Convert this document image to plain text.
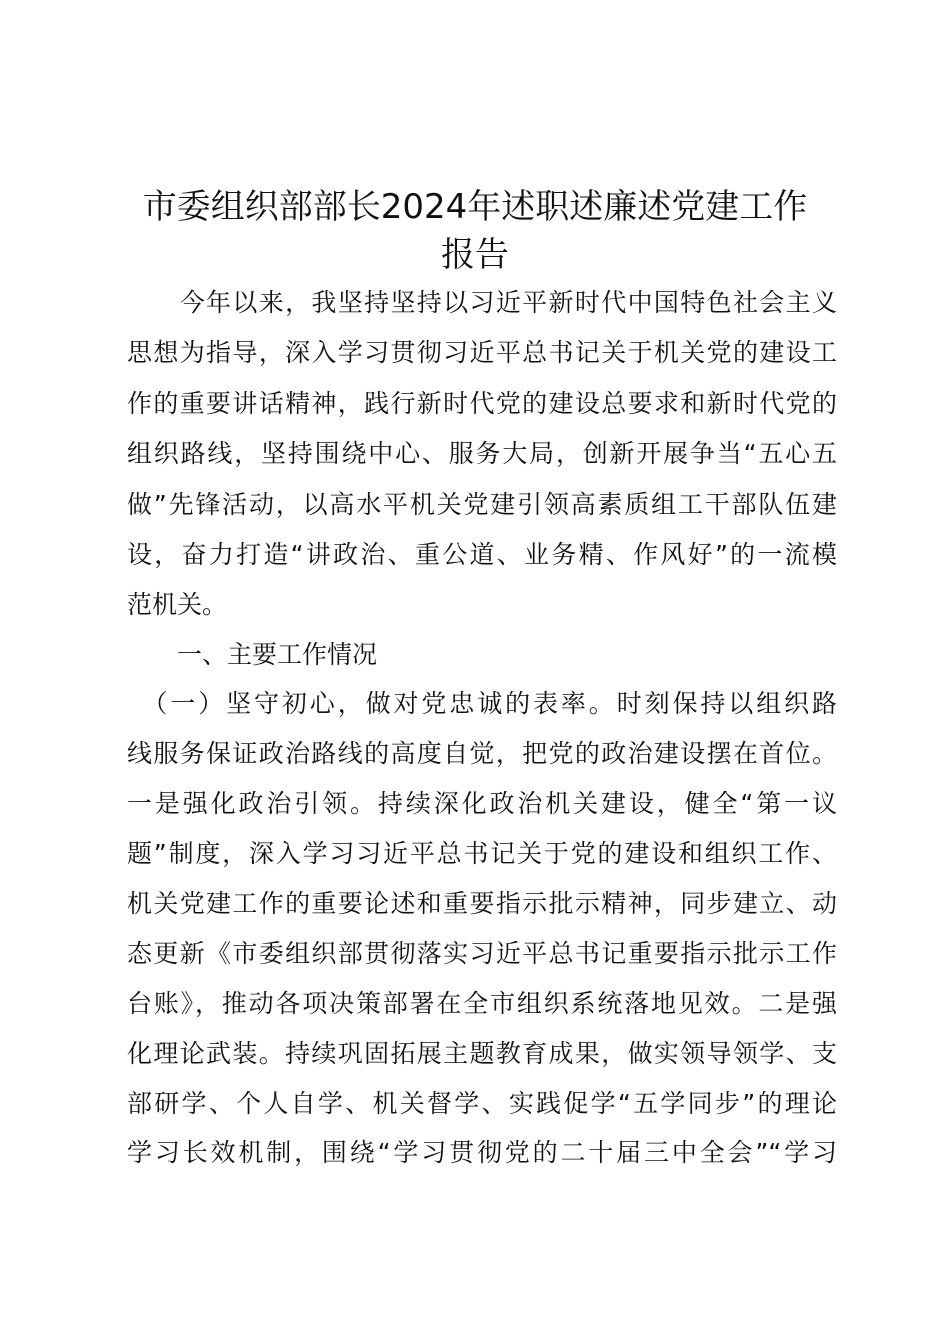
市委组织部部长2024年述职述廉述党建工作
报告
　　今年以来，我坚持坚持以习近平新时代中国特色社会主义
思想为指导，深入学习贯彻习近平总书记关于机关党的建设工
作的重要讲话精神，践行新时代党的建设总要求和新时代党的
组织路线，坚持围绕中心、服务大局，创新开展争当“五心五
做”先锋活动，以高水平机关党建引领高素质组工干部队伍建
设，奋力打造“讲政治、重公道、业务精、作风好”的一流模
范机关。
　　一、主要工作情况
　（一）坚守初心，做对党忠诚的表率。时刻保持以组织路
线服务保证政治路线的高度自觉，把党的政治建设摆在首位。
一是强化政治引领。持续深化政治机关建设，健全“第一议
题”制度，深入学习习近平总书记关于党的建设和组织工作、
机关党建工作的重要论述和重要指示批示精神，同步建立、动
态更新《市委组织部贯彻落实习近平总书记重要指示批示工作
台账》，推动各项决策部署在全市组织系统落地见效。二是强
化理论武装。持续巩固拓展主题教育成果，做实领导领学、支
部研学、个人自学、机关督学、实践促学“五学同步”的理论
学习长效机制，围绕“学习贯彻党的二十届三中全会”“学习
